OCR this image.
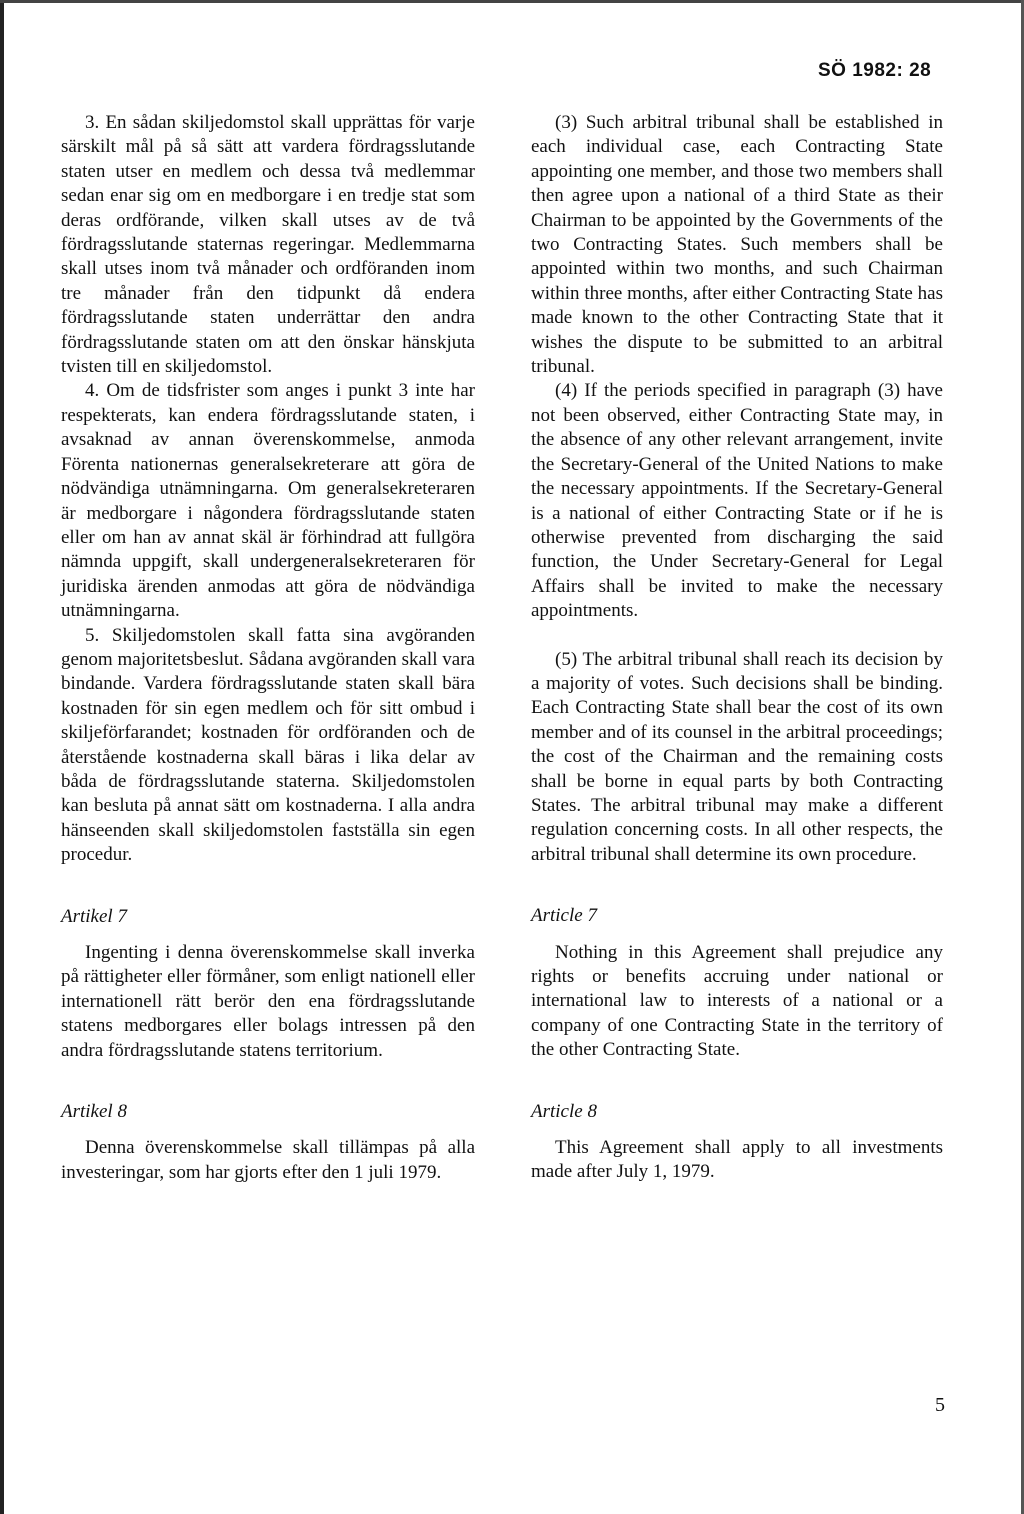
SÖ 1982: 28

3. En sådan skiljedomstol skall upprättas för varje särskilt mål på så sätt att vardera fördragsslutande staten utser en medlem och dessa två medlemmar sedan enar sig om en medborgare i en tredje stat som deras ordförande, vilken skall utses av de två fördragsslutande staternas regeringar. Medlemmarna skall utses inom två månader och ordföranden inom tre månader från den tidpunkt då endera fördragsslutande staten underrättar den andra fördragsslutande staten om att den önskar hänskjuta tvisten till en skiljedomstol.

4. Om de tidsfrister som anges i punkt 3 inte har respekterats, kan endera fördragsslutande staten, i avsaknad av annan överenskommelse, anmoda Förenta nationernas generalsekreterare att göra de nödvändiga utnämningarna. Om generalsekreteraren är medborgare i någondera fördragsslutande staten eller om han av annat skäl är förhindrad att fullgöra nämnda uppgift, skall undergeneralsekreteraren för juridiska ärenden anmodas att göra de nödvändiga utnämningarna.

5. Skiljedomstolen skall fatta sina avgöranden genom majoritetsbeslut. Sådana avgöranden skall vara bindande. Vardera fördragsslutande staten skall bära kostnaden för sin egen medlem och för sitt ombud i skiljeförfarandet; kostnaden för ordföranden och de återstående kostnaderna skall bäras i lika delar av båda de fördragsslutande staterna. Skiljedomstolen kan besluta på annat sätt om kostnaderna. I alla andra hänseenden skall skiljedomstolen fastställa sin egen procedur.

Artikel 7

Ingenting i denna överenskommelse skall inverka på rättigheter eller förmåner, som enligt nationell eller internationell rätt berör den ena fördragsslutande statens medborgares eller bolags intressen på den andra fördragsslutande statens territorium.

Artikel 8

Denna överenskommelse skall tillämpas på alla investeringar, som har gjorts efter den 1 juli 1979.

(3) Such arbitral tribunal shall be established in each individual case, each Contracting State appointing one member, and those two members shall then agree upon a national of a third State as their Chairman to be appointed by the Governments of the two Contracting States. Such members shall be appointed within two months, and such Chairman within three months, after either Contracting State has made known to the other Contracting State that it wishes the dispute to be submitted to an arbitral tribunal.

(4) If the periods specified in paragraph (3) have not been observed, either Contracting State may, in the absence of any other relevant arrangement, invite the Secretary-General of the United Nations to make the necessary appointments. If the Secretary-General is a national of either Contracting State or if he is otherwise prevented from discharging the said function, the Under Secretary-General for Legal Affairs shall be invited to make the necessary appointments.

(5) The arbitral tribunal shall reach its decision by a majority of votes. Such decisions shall be binding. Each Contracting State shall bear the cost of its own member and of its counsel in the arbitral proceedings; the cost of the Chairman and the remaining costs shall be borne in equal parts by both Contracting States. The arbitral tribunal may make a different regulation concerning costs. In all other respects, the arbitral tribunal shall determine its own procedure.

Article 7

Nothing in this Agreement shall prejudice any rights or benefits accruing under national or international law to interests of a national or a company of one Contracting State in the territory of the other Contracting State.

Article 8

This Agreement shall apply to all investments made after July 1, 1979.

5
